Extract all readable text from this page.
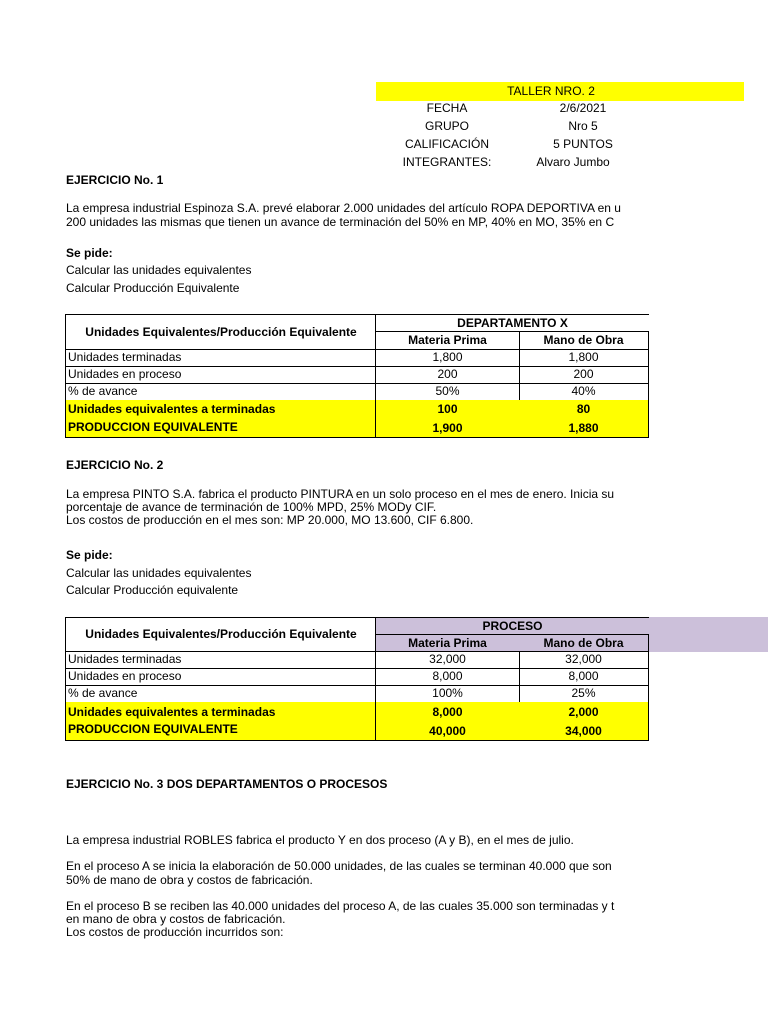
TALLER NRO. 2
FECHA	2/6/2021
GRUPO	Nro 5
CALIFICACIÓN	5 PUNTOS
INTEGRANTES:	Alvaro Jumbo
EJERCICIO No. 1
La empresa industrial Espinoza S.A. prevé elaborar 2.000 unidades del artículo ROPA DEPORTIVA en u
200 unidades las mismas que tienen un avance de terminación del 50% en MP, 40% en MO, 35% en C
Se pide:
Calcular las unidades equivalentes
Calcular Producción Equivalente
Unidades Equivalentes/Producción Equivalente
DEPARTAMENTO X
Materia Prima	Mano de Obra
Unidades terminadas	1,800	1,800
Unidades en proceso	200	200
% de avance	50%	40%
Unidades equivalentes a terminadas	100	80
PRODUCCION EQUIVALENTE	1,900	1,880
EJERCICIO No. 2
La empresa PINTO S.A. fabrica el producto PINTURA en un solo proceso en el mes de enero. Inicia su
porcentaje de avance de terminación de 100% MPD, 25% MODy CIF.
Los costos de producción en el mes son: MP 20.000, MO 13.600, CIF 6.800.
Se pide:
Calcular las unidades equivalentes
Calcular Producción equivalente
Unidades Equivalentes/Producción Equivalente
PROCESO
Materia Prima	Mano de Obra
Unidades terminadas	32,000	32,000
Unidades en proceso	8,000	8,000
% de avance	100%	25%
Unidades equivalentes a terminadas	8,000	2,000
PRODUCCION EQUIVALENTE	40,000	34,000
EJERCICIO No. 3 DOS DEPARTAMENTOS O PROCESOS
La empresa industrial ROBLES fabrica el producto Y en dos proceso (A y B), en el mes de julio.
En el proceso A se inicia la elaboración de 50.000 unidades, de las cuales se terminan 40.000 que son
50% de mano de obra y costos de fabricación.
En el proceso B se reciben las 40.000 unidades del proceso A, de las cuales 35.000 son terminadas y t
en mano de obra y costos de fabricación.
Los costos de producción incurridos son:
